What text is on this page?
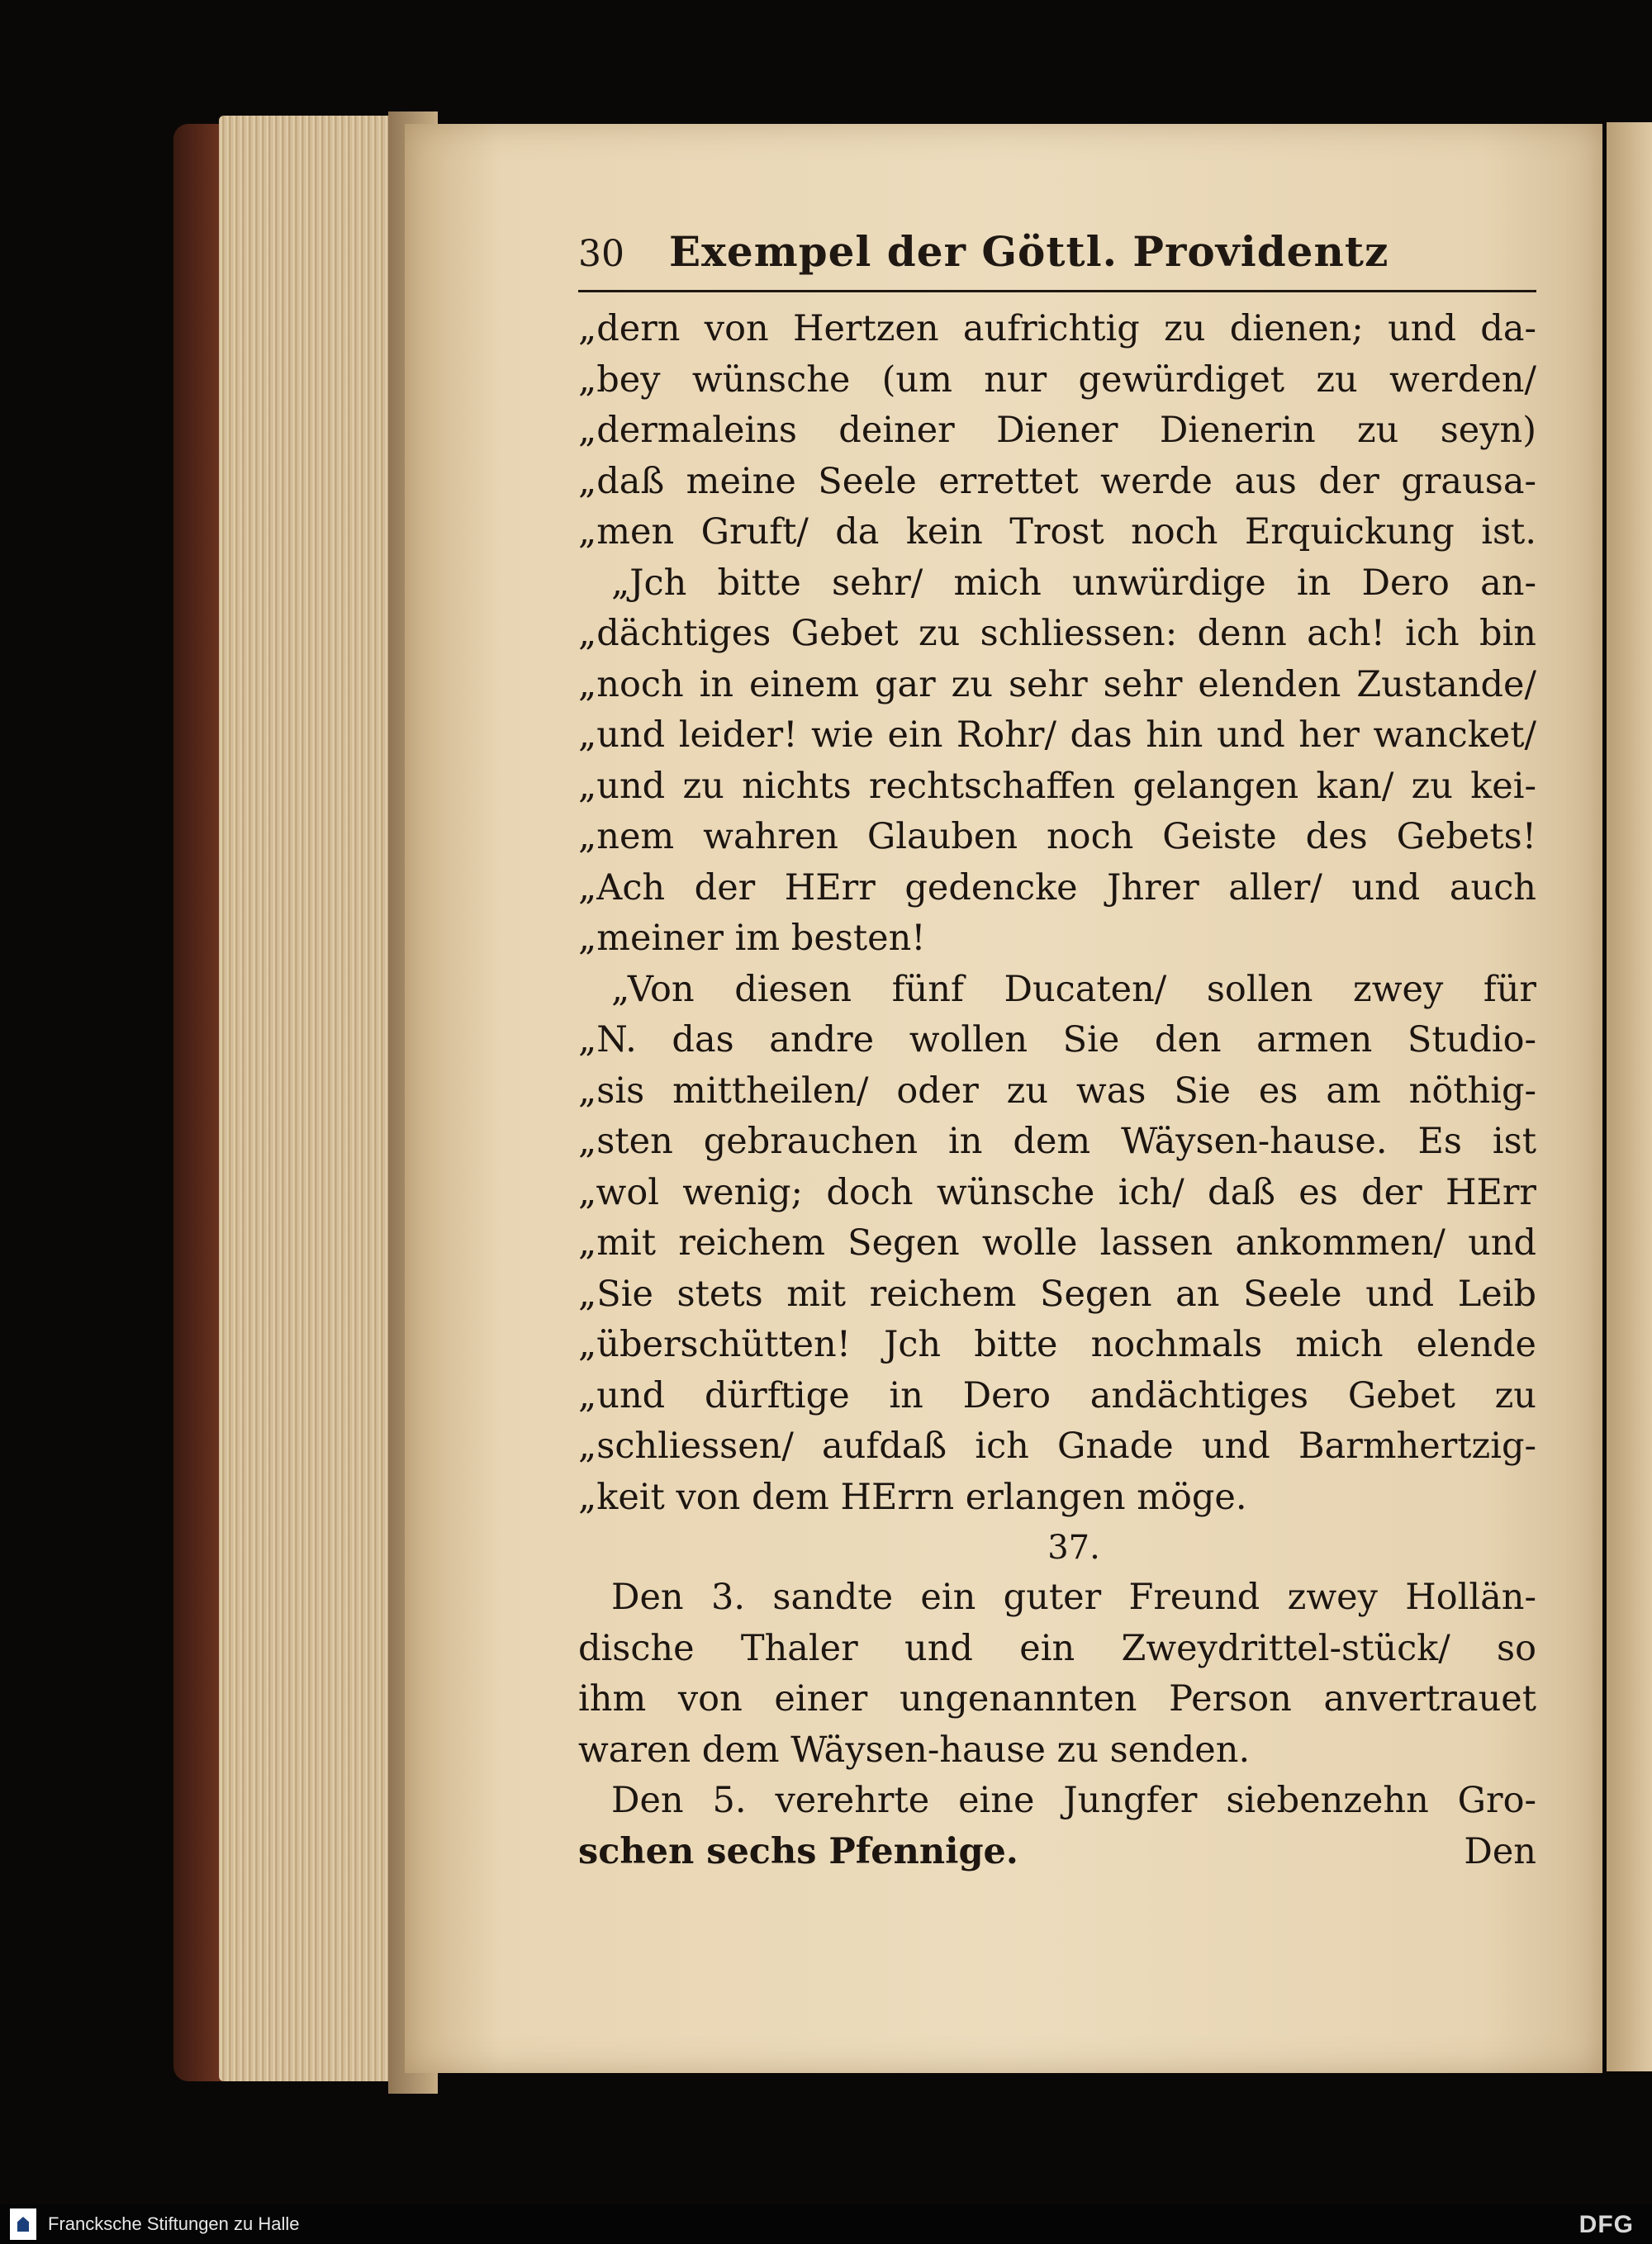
30	Exempel der Göttl. Providentz
„dern von Hertzen aufrichtig zu dienen; und da-
„bey wünsche (um nur gewürdiget zu werden/
„dermaleins deiner Diener Dienerin zu seyn)
„daß meine Seele errettet werde aus der grausa-
„men Gruft/ da kein Trost noch Erquickung ist.
„Jch bitte sehr/ mich unwürdige in Dero an-
„dächtiges Gebet zu schliessen: denn ach! ich bin
„noch in einem gar zu sehr sehr elenden Zustande/
„und leider! wie ein Rohr/ das hin und her wancket/
„und zu nichts rechtschaffen gelangen kan/ zu kei-
„nem wahren Glauben noch Geiste des Gebets!
„Ach der HErr gedencke Jhrer aller/ und auch
„meiner im besten!
„Von diesen fünf Ducaten/ sollen zwey für
„N. das andre wollen Sie den armen Studio-
„sis mittheilen/ oder zu was Sie es am nöthig-
„sten gebrauchen in dem Wäysen-hause. Es ist
„wol wenig; doch wünsche ich/ daß es der HErr
„mit reichem Segen wolle lassen ankommen/ und
„Sie stets mit reichem Segen an Seele und Leib
„überschütten! Jch bitte nochmals mich elende
„und dürftige in Dero andächtiges Gebet zu
„schliessen/ aufdaß ich Gnade und Barmhertzig-
„keit von dem HErrn erlangen möge.
37.
Den 3. sandte ein guter Freund zwey Hollän-
dische Thaler und ein Zweydrittel-stück/ so
ihm von einer ungenannten Person anvertrauet
waren dem Wäysen-hause zu senden.
Den 5. verehrte eine Jungfer siebenzehn Gro-
schen sechs Pfennige.	Den
Francksche Stiftungen zu Halle	DFG
